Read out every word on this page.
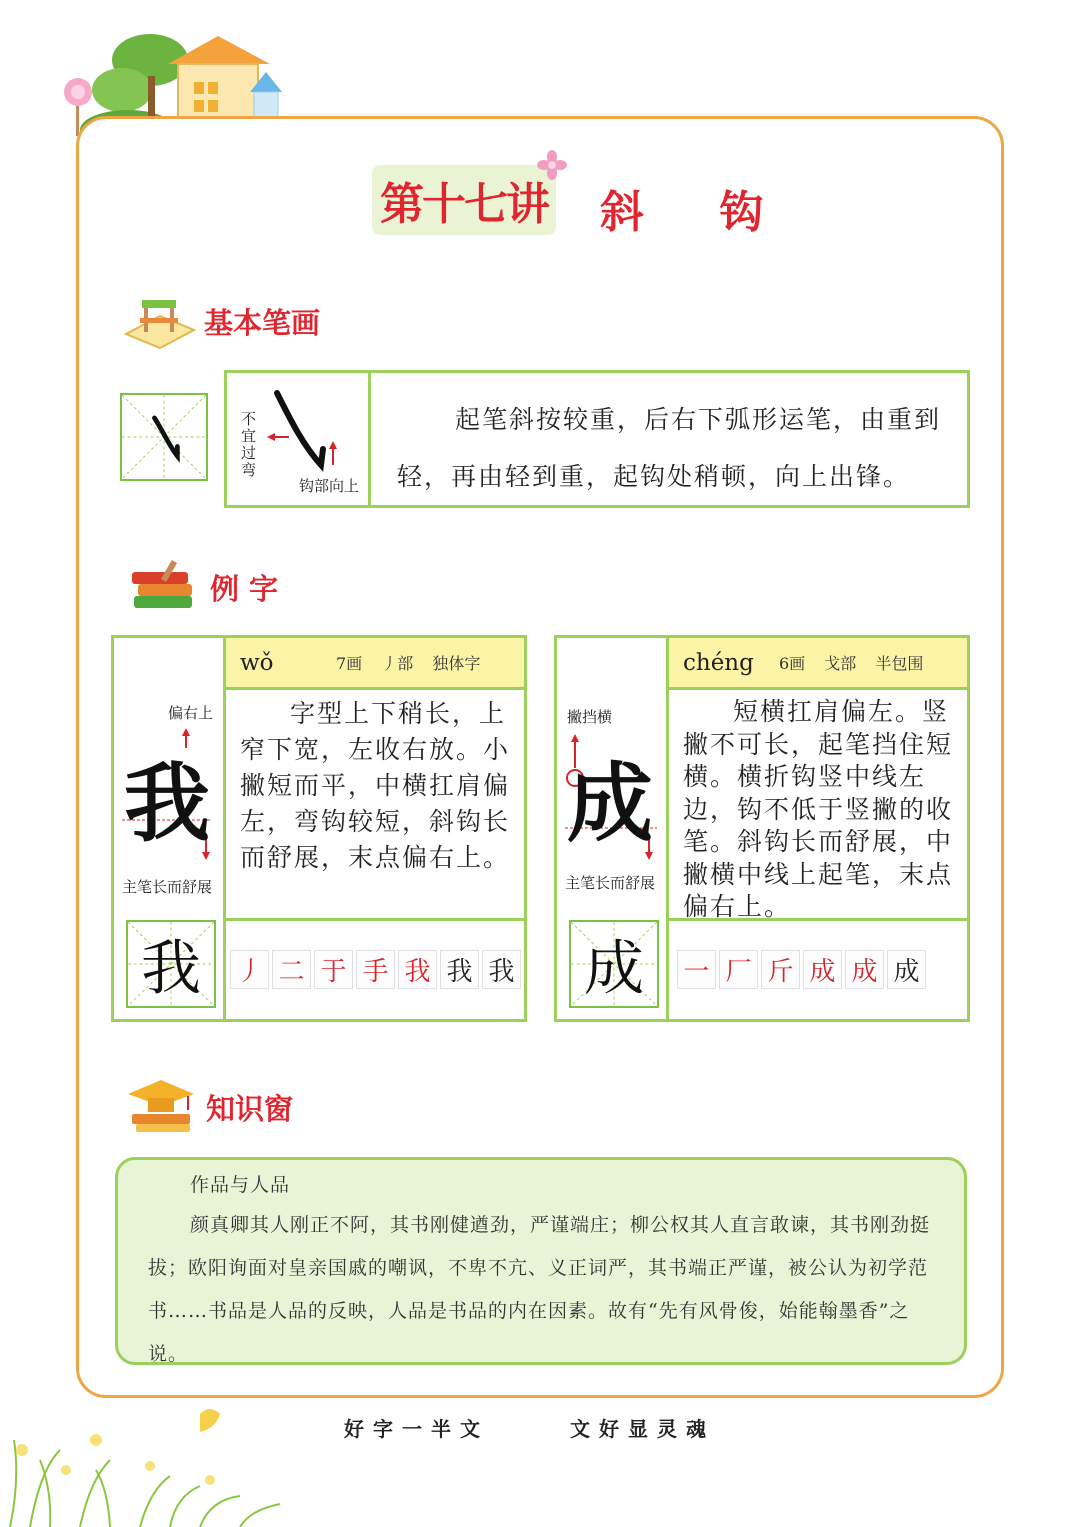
第十七讲 斜 钩
基本笔画
不宜过弯
钩部向上
起笔斜按较重，后右下弧形运笔，由重到轻，再由轻到重，起钩处稍顿，向上出锋。
例 字
偏右上
我
主笔长而舒展
我
wǒ	7画 丿部 独体字

字型上下稍长，上窄下宽，左收右放。小撇短而平，中横扛肩偏左，弯钩较短，斜钩长而舒展，末点偏右上。

丿 二 于 手 我 我 我
撇挡横
成
主笔长而舒展
成
chéng	6画 戈部 半包围

短横扛肩偏左。竖撇不可长，起笔挡住短横。横折钩竖中线左边，钩不低于竖撇的收笔。斜钩长而舒展，中撇横中线上起笔，末点偏右上。

一 厂 斤 成 成 成
知识窗
作品与人品
颜真卿其人刚正不阿，其书刚健遒劲，严谨端庄；柳公权其人直言敢谏，其书刚劲挺拔；欧阳询面对皇亲国戚的嘲讽，不卑不亢、义正词严，其书端正严谨，被公认为初学范书……书品是人品的反映，人品是书品的内在因素。故有“先有风骨俊，始能翰墨香”之说。
好字一半文	文好显灵魂
